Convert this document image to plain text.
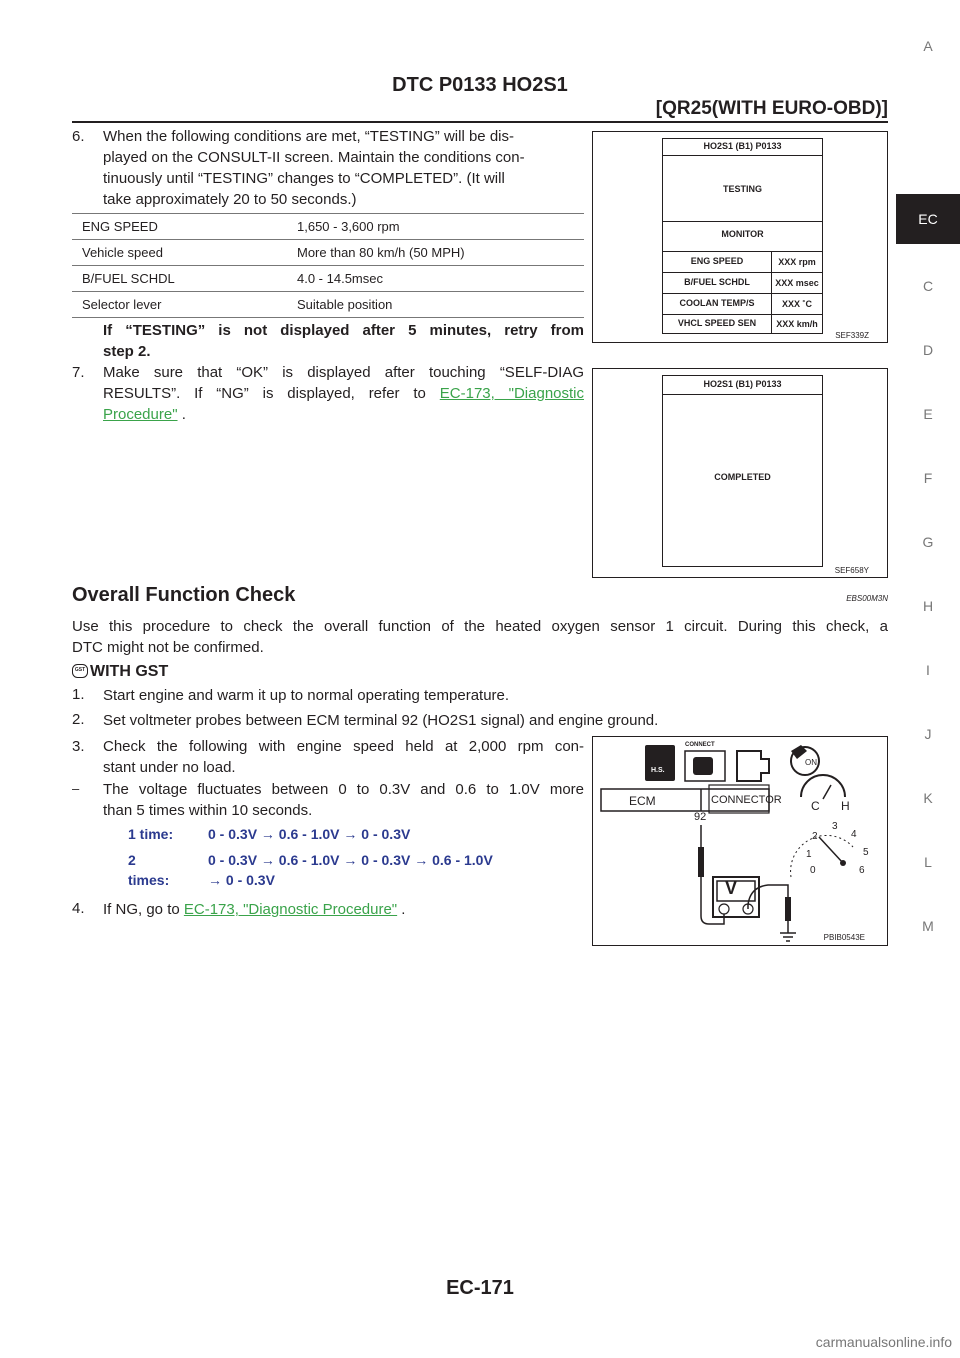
DTC P0133 HO2S1
[QR25(WITH EURO-OBD)]
A
EC
C
D
E
F
G
H
I
J
K
L
M
6. When the following conditions are met, “TESTING” will be dis-
played on the CONSULT-II screen. Maintain the conditions con-
tinuously until “TESTING” changes to “COMPLETED”. (It will
take approximately 20 to 50 seconds.)
ENG SPEED	1,650 - 3,600 rpm
Vehicle speed	More than 80 km/h (50 MPH)
B/FUEL SCHDL	4.0 - 14.5msec
Selector lever	Suitable position
If “TESTING” is not displayed after 5 minutes, retry from
step 2.
7. Make sure that “OK” is displayed after touching “SELF-DIAG
RESULTS”. If “NG” is displayed, refer to EC-173, "Diagnostic
Procedure" .
HO2S1 (B1) P0133
TESTING
MONITOR
ENG SPEED	XXX rpm
B/FUEL SCHDL	XXX msec
COOLAN TEMP/S	XXX ˚C
VHCL SPEED SEN	XXX km/h
SEF339Z
HO2S1 (B1) P0133
COMPLETED
SEF658Y
Overall Function Check	EBS00M3N
Use this procedure to check the overall function of the heated oxygen sensor 1 circuit. During this check, a
DTC might not be confirmed.
GST WITH GST
1. Start engine and warm it up to normal operating temperature.
2. Set voltmeter probes between ECM terminal 92 (HO2S1 signal) and engine ground.
3. Check the following with engine speed held at 2,000 rpm con-
stant under no load.
– The voltage fluctuates between 0 to 0.3V and 0.6 to 1.0V more
than 5 times within 10 seconds.
1 time: 0 - 0.3V → 0.6 - 1.0V → 0 - 0.3V
2
times:
0 - 0.3V → 0.6 - 1.0V → 0 - 0.3V → 0.6 - 1.0V
→ 0 - 0.3V
4. If NG, go to EC-173, "Diagnostic Procedure" .
H.S.
CONNECT
ON
ECM	CONNECTOR
92
C H
0
1
2
3
4
5
6
V
PBIB0543E
EC-171
carmanualsonline.info
